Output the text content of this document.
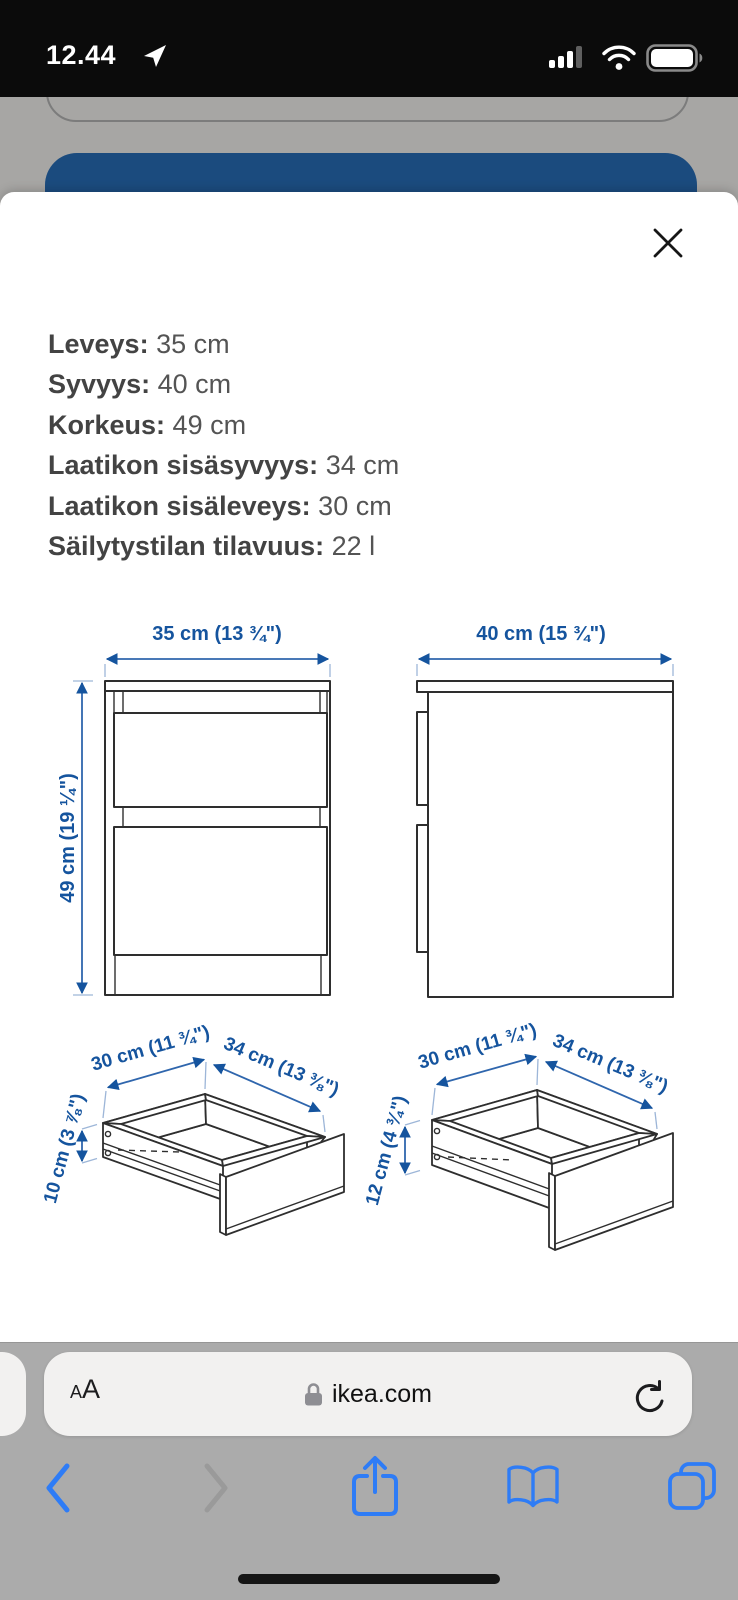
12.44
Leveys: 35 cm
Syvyys: 40 cm
Korkeus: 49 cm
Laatikon sisäsyvyys: 34 cm
Laatikon sisäleveys: 30 cm
Säilytystilan tilavuus: 22 l
35 cm (13 ¾")
49 cm (19 ¼")
40 cm (15 ¾")
30 cm (11 ¾") 34 cm (13 ⅜")
10 cm (3 ⅞")
30 cm (11 ¾") 34 cm (13 ⅜")
12 cm (4 ¾")
AA	ikea.com
